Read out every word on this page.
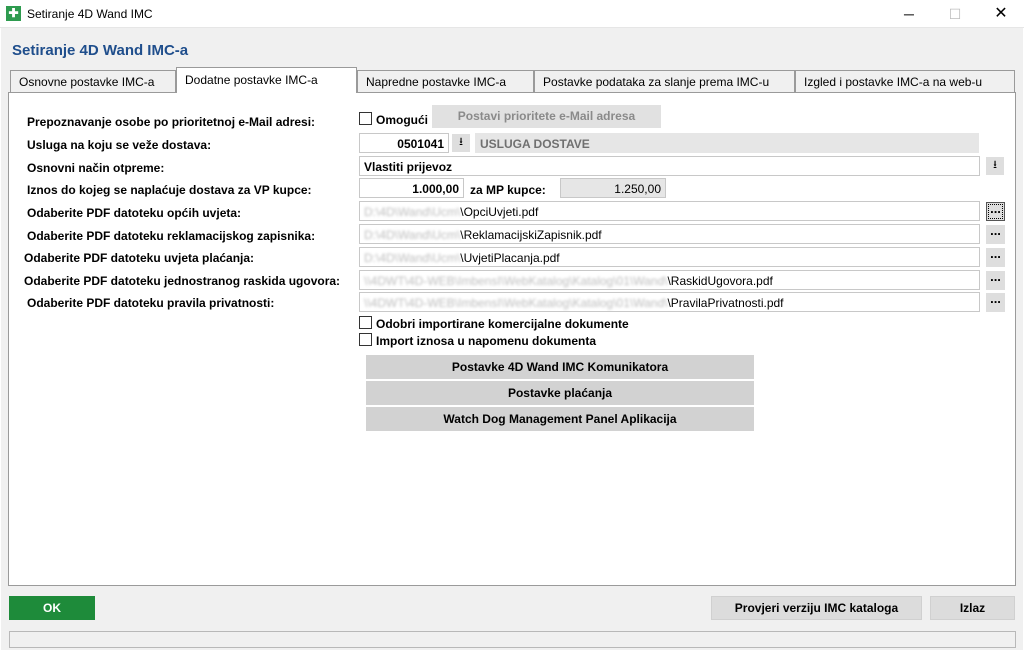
✚ Setiranje 4D Wand IMC	─	☐	✕
Setiranje 4D Wand IMC-a
Osnovne postavke IMC-a	Dodatne postavke IMC-a	Napredne postavke IMC-a	Postavke podataka za slanje prema IMC-u	Izgled i postavke IMC-a na web-u
Prepoznavanje osobe po prioritetnoj e-Mail adresi:	Omogući	Postavi prioritete e-Mail adresa
Usluga na koju se veže dostava:	0501041	⭳	USLUGA DOSTAVE
Osnovni način otpreme:	Vlastiti prijevoz	⭳
Iznos do kojeg se naplaćuje dostava za VP kupce:	1.000,00 za MP kupce:	1.250,00
Odaberite PDF datoteku općih uvjeta:	D:\4D\Wand\Ucm\\OpciUvjeti.pdf	...
Odaberite PDF datoteku reklamacijskog zapisnika:	D:\4D\Wand\Ucm\\ReklamacijskiZapisnik.pdf	...
Odaberite PDF datoteku uvjeta plaćanja:	D:\4D\Wand\Ucm\\UvjetiPlacanja.pdf	...
Odaberite PDF datoteku jednostranog raskida ugovora:	\\4DWT\4D-WEB\ImbensI\WebKatalog\Katalog\01\Wand\\RaskidUgovora.pdf	...
Odaberite PDF datoteku pravila privatnosti:	\\4DWT\4D-WEB\ImbensI\WebKatalog\Katalog\01\Wand\\PravilaPrivatnosti.pdf	...
Odobri importirane komercijalne dokumente
Import iznosa u napomenu dokumenta
Postavke 4D Wand IMC Komunikatora
Postavke plaćanja
Watch Dog Management Panel Aplikacija
OK	Provjeri verziju IMC kataloga	Izlaz
